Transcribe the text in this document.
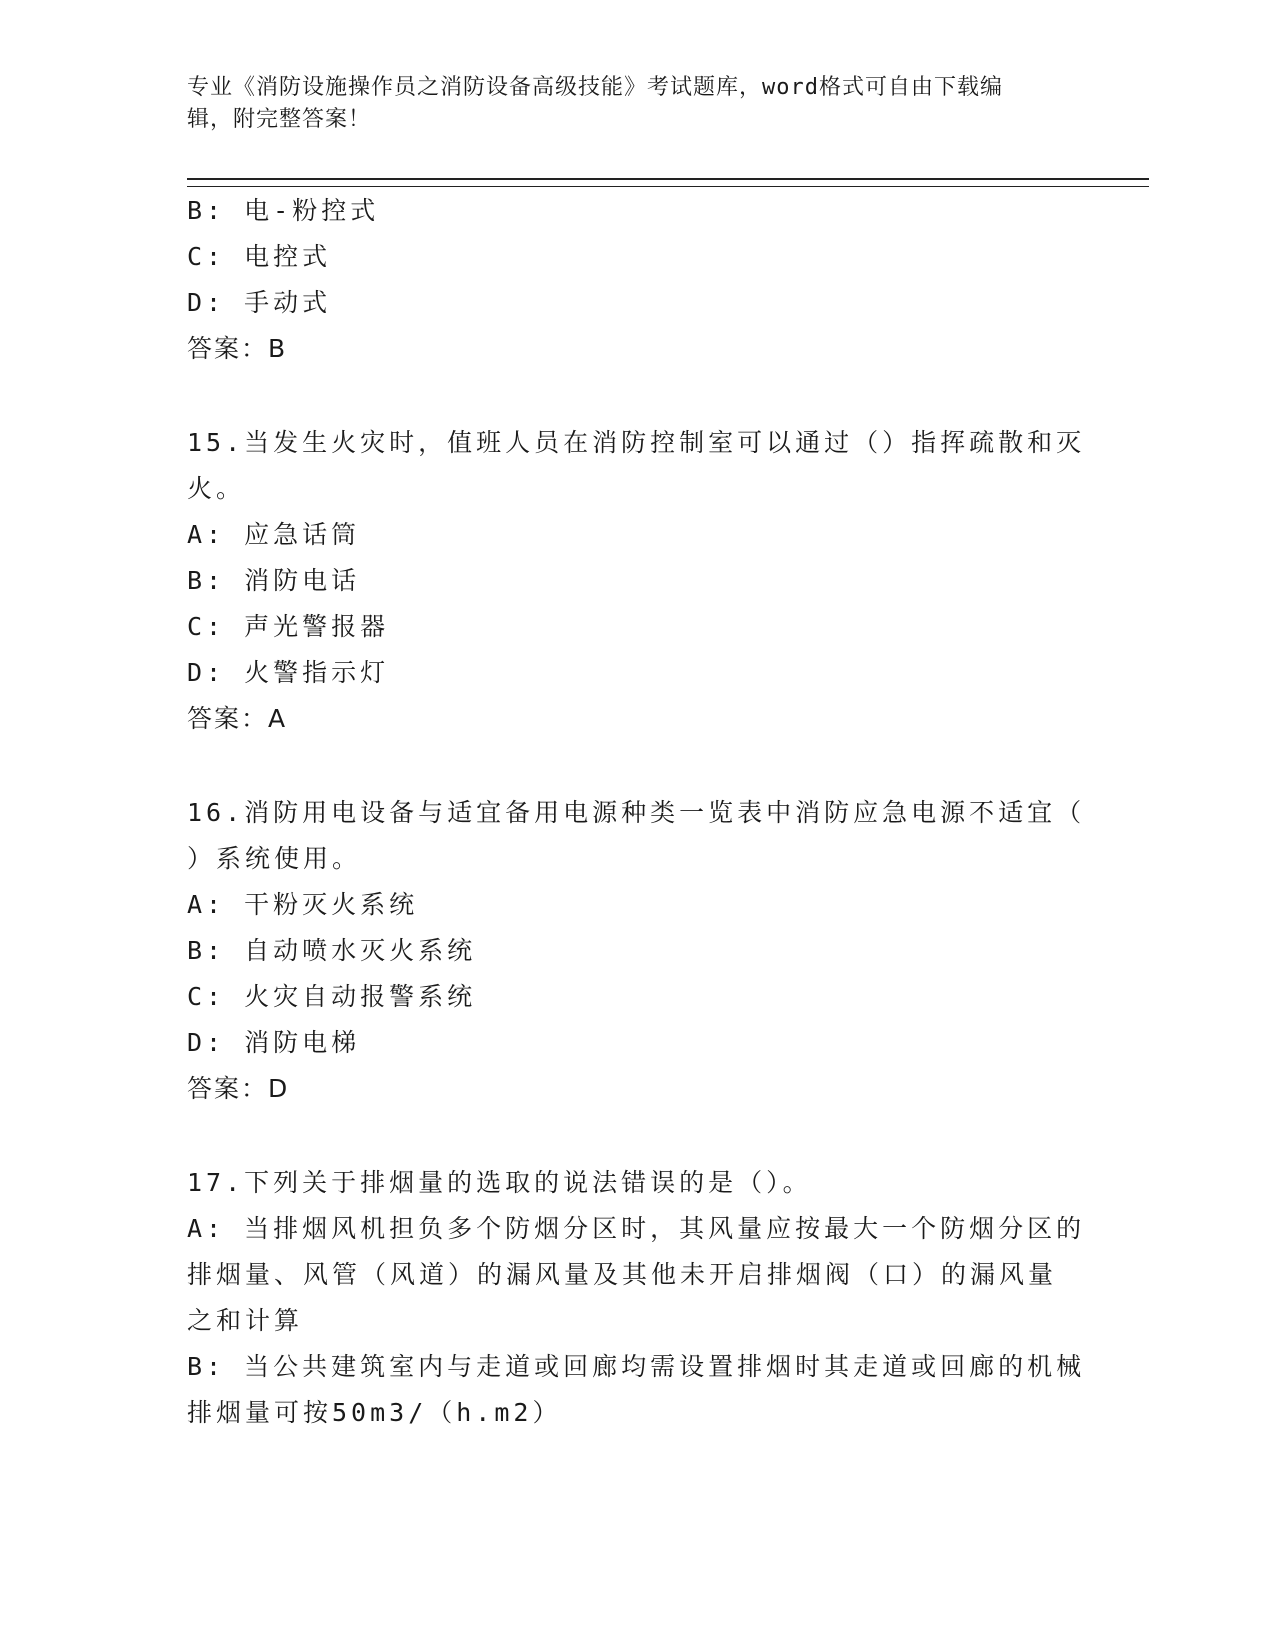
专业《消防设施操作员之消防设备高级技能》考试题库，word格式可自由下载编
辑，附完整答案！
B: 电-粉控式
C: 电控式
D: 手动式
答案：B
15.当发生火灾时，值班人员在消防控制室可以通过（）指挥疏散和灭
火。
A: 应急话筒
B: 消防电话
C: 声光警报器
D: 火警指示灯
答案：A
16.消防用电设备与适宜备用电源种类一览表中消防应急电源不适宜（
）系统使用。
A: 干粉灭火系统
B: 自动喷水灭火系统
C: 火灾自动报警系统
D: 消防电梯
答案：D
17.下列关于排烟量的选取的说法错误的是（）。
A: 当排烟风机担负多个防烟分区时，其风量应按最大一个防烟分区的
排烟量、风管（风道）的漏风量及其他未开启排烟阀（口）的漏风量
之和计算
B: 当公共建筑室内与走道或回廊均需设置排烟时其走道或回廊的机械
排烟量可按50m3/（h.m2）
